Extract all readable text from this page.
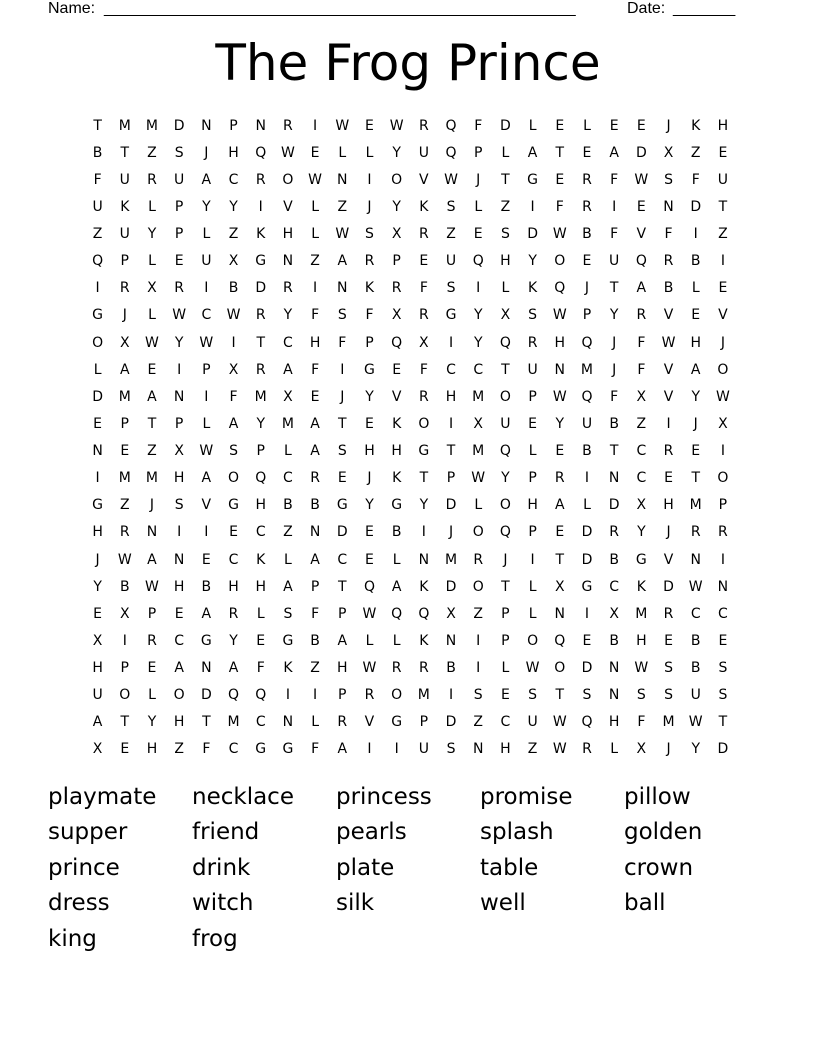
Name: _____________________________________________________	Date: _______
The Frog Prince
T	M	M	D	N	P	N	R	I	W	E	W	R	Q	F	D	L	E	L	E	E	J	K	H
B	T	Z	S	J	H	Q	W	E	L	L	Y	U	Q	P	L	A	T	E	A	D	X	Z	E
F	U	R	U	A	C	R	O	W	N	I	O	V	W	J	T	G	E	R	F	W	S	F	U
U	K	L	P	Y	Y	I	V	L	Z	J	Y	K	S	L	Z	I	F	R	I	E	N	D	T
Z	U	Y	P	L	Z	K	H	L	W	S	X	R	Z	E	S	D	W	B	F	V	F	I	Z
Q	P	L	E	U	X	G	N	Z	A	R	P	E	U	Q	H	Y	O	E	U	Q	R	B	I
I	R	X	R	I	B	D	R	I	N	K	R	F	S	I	L	K	Q	J	T	A	B	L	E
G	J	L	W	C	W	R	Y	F	S	F	X	R	G	Y	X	S	W	P	Y	R	V	E	V
O	X	W	Y	W	I	T	C	H	F	P	Q	X	I	Y	Q	R	H	Q	J	F	W	H	J
L	A	E	I	P	X	R	A	F	I	G	E	F	C	C	T	U	N	M	J	F	V	A	O
D	M	A	N	I	F	M	X	E	J	Y	V	R	H	M	O	P	W	Q	F	X	V	Y	W
E	P	T	P	L	A	Y	M	A	T	E	K	O	I	X	U	E	Y	U	B	Z	I	J	X
N	E	Z	X	W	S	P	L	A	S	H	H	G	T	M	Q	L	E	B	T	C	R	E	I
I	M	M	H	A	O	Q	C	R	E	J	K	T	P	W	Y	P	R	I	N	C	E	T	O
G	Z	J	S	V	G	H	B	B	G	Y	G	Y	D	L	O	H	A	L	D	X	H	M	P
H	R	N	I	I	E	C	Z	N	D	E	B	I	J	O	Q	P	E	D	R	Y	J	R	R
J	W	A	N	E	C	K	L	A	C	E	L	N	M	R	J	I	T	D	B	G	V	N	I
Y	B	W	H	B	H	H	A	P	T	Q	A	K	D	O	T	L	X	G	C	K	D	W	N
E	X	P	E	A	R	L	S	F	P	W	Q	Q	X	Z	P	L	N	I	X	M	R	C	C
X	I	R	C	G	Y	E	G	B	A	L	L	K	N	I	P	O	Q	E	B	H	E	B	E
H	P	E	A	N	A	F	K	Z	H	W	R	R	B	I	L	W	O	D	N	W	S	B	S
U	O	L	O	D	Q	Q	I	I	P	R	O	M	I	S	E	S	T	S	N	S	S	U	S
A	T	Y	H	T	M	C	N	L	R	V	G	P	D	Z	C	U	W	Q	H	F	M	W	T
X	E	H	Z	F	C	G	G	F	A	I	I	U	S	N	H	Z	W	R	L	X	J	Y	D
playmate	necklace	princess	promise	pillow
supper	friend	pearls	splash	golden
prince	drink	plate	table	crown
dress	witch	silk	well	ball
king	frog
